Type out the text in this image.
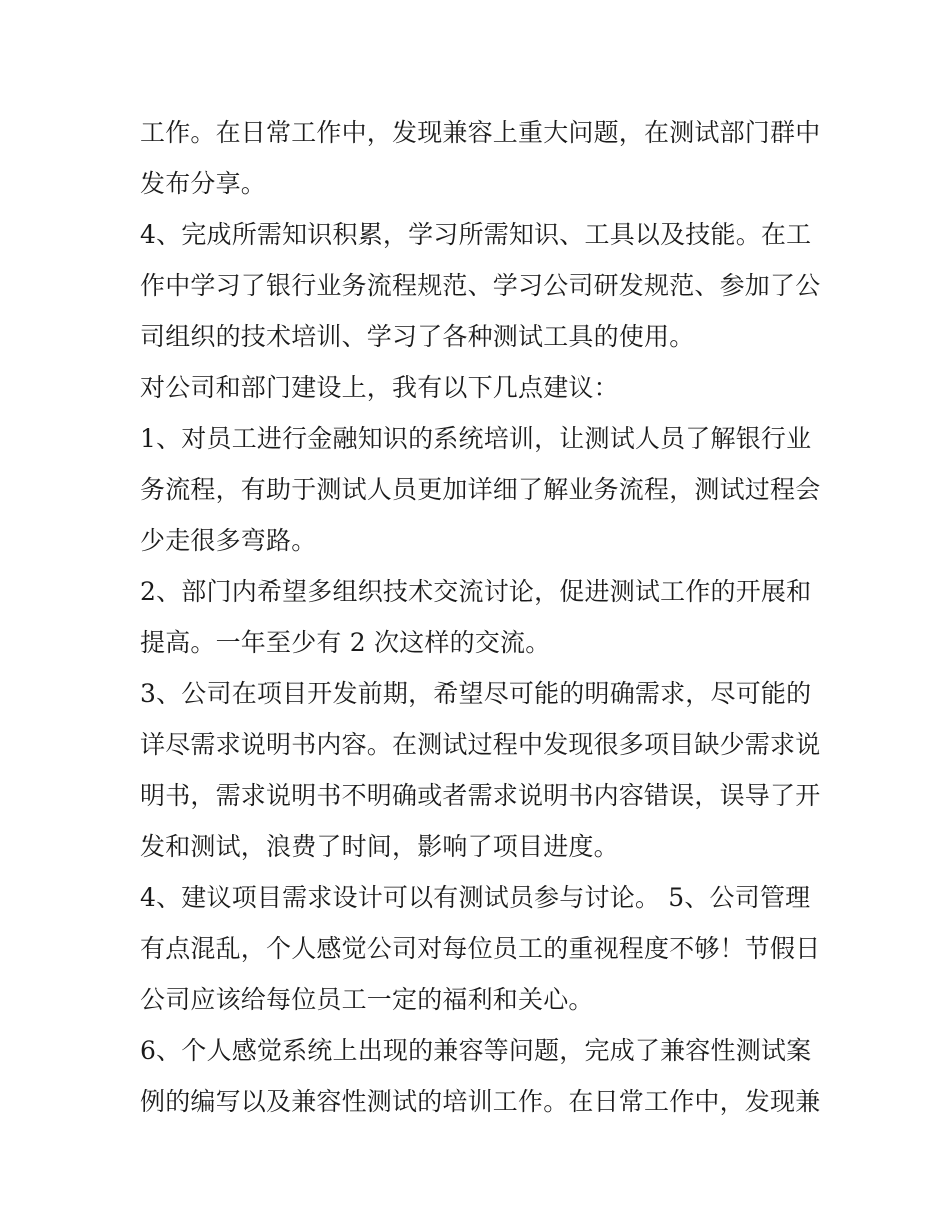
工作。在日常工作中，发现兼容上重大问题，在测试部门群中
发布分享。
4、完成所需知识积累，学习所需知识、工具以及技能。在工
作中学习了银行业务流程规范、学习公司研发规范、参加了公
司组织的技术培训、学习了各种测试工具的使用。
对公司和部门建设上，我有以下几点建议：
1、对员工进行金融知识的系统培训，让测试人员了解银行业
务流程，有助于测试人员更加详细了解业务流程，测试过程会
少走很多弯路。
2、部门内希望多组织技术交流讨论，促进测试工作的开展和
提高。一年至少有 2 次这样的交流。
3、公司在项目开发前期，希望尽可能的明确需求，尽可能的
详尽需求说明书内容。在测试过程中发现很多项目缺少需求说
明书，需求说明书不明确或者需求说明书内容错误，误导了开
发和测试，浪费了时间，影响了项目进度。
4、建议项目需求设计可以有测试员参与讨论。 5、公司管理
有点混乱，个人感觉公司对每位员工的重视程度不够！节假日
公司应该给每位员工一定的福利和关心。
6、个人感觉系统上出现的兼容等问题，完成了兼容性测试案
例的编写以及兼容性测试的培训工作。在日常工作中，发现兼
